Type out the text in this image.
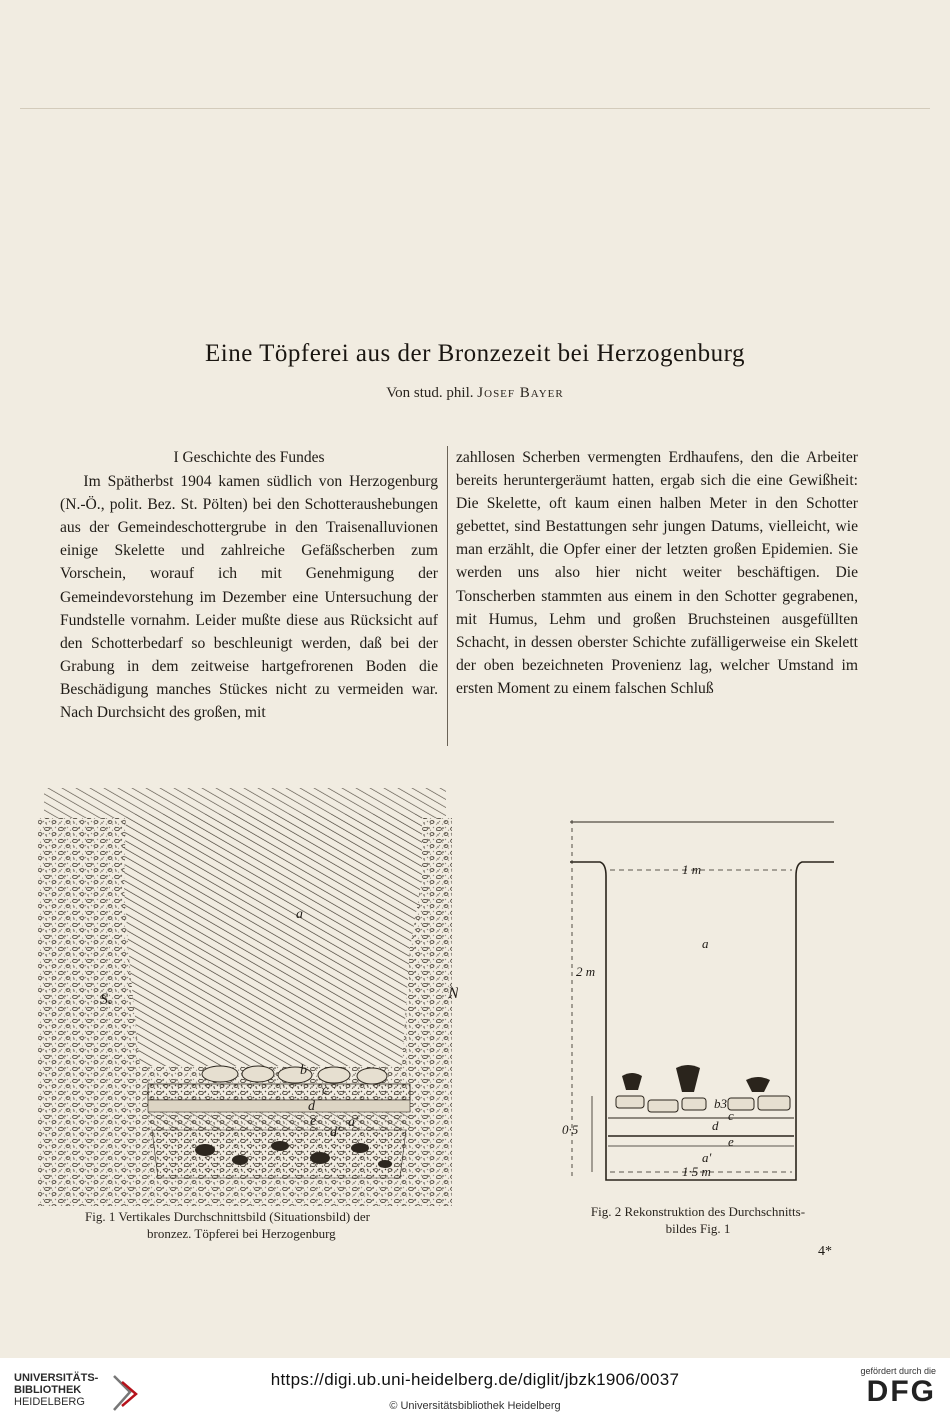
Eine Töpferei aus der Bronzezeit bei Herzogenburg
Von stud. phil. Josef Bayer
I Geschichte des Fundes

Im Spätherbst 1904 kamen südlich von Herzogenburg (N.-Ö., polit. Bez. St. Pölten) bei den Schotteraushebungen aus der Gemeindeschottergrube in den Traisenalluvionen einige Skelette und zahlreiche Gefäßscherben zum Vorschein, worauf ich mit Genehmigung der Gemeindevorstehung im Dezember eine Untersuchung der Fundstelle vornahm. Leider mußte diese aus Rücksicht auf den Schotterbedarf so beschleunigt werden, daß bei der Grabung in dem zeitweise hartgefrorenen Boden die Beschädigung manches Stückes nicht zu vermeiden war. Nach Durchsicht des großen, mit

zahllosen Scherben vermengten Erdhaufens, den die Arbeiter bereits heruntergeräumt hatten, ergab sich die eine Gewißheit: Die Skelette, oft kaum einen halben Meter in den Schotter gebettet, sind Bestattungen sehr jungen Datums, vielleicht, wie man erzählt, die Opfer einer der letzten großen Epidemien. Sie werden uns also hier nicht weiter beschäftigen. Die Tonscherben stammten aus einem in den Schotter gegrabenen, mit Humus, Lehm und großen Bruchsteinen ausgefüllten Schacht, in dessen oberster Schichte zufälligerweise ein Skelett der oben bezeichneten Provenienz lag, welcher Umstand im ersten Moment zu einem falschen Schluß

a
b
c
d
e a'
d'
S.	N
1 m
2 m
a
b3
c
d
e
a'
0·5
1·5 m
Fig. 1 Vertikales Durchschnittsbild (Situationsbild) der
bronzez. Töpferei bei Herzogenburg
Fig. 2 Rekonstruktion des Durchschnitts-
bildes Fig. 1
4*
UNIVERSITÄTS-
BIBLIOTHEK
HEIDELBERG
https://digi.ub.uni-heidelberg.de/diglit/jbzk1906/0037
© Universitätsbibliothek Heidelberg
gefördert durch die
DFG
